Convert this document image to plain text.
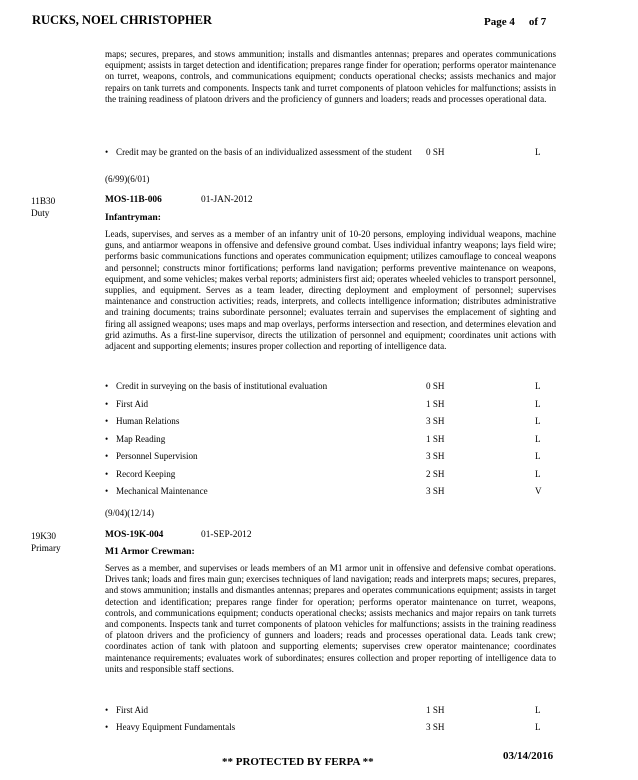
RUCKS, NOEL CHRISTOPHER	Page 4 of 7
maps; secures, prepares, and stows ammunition; installs and dismantles antennas; prepares and operates communications equipment; assists in target detection and identification; prepares range finder for operation; performs operator maintenance on turret, weapons, controls, and communications equipment; conducts operational checks; assists mechanics and major repairs on tank turrets and components. Inspects tank and turret components of platoon vehicles for malfunctions; assists in the training readiness of platoon drivers and the proficiency of gunners and loaders; reads and processes operational data.
• Credit may be granted on the basis of an individualized assessment of the student	0 SH	L
(6/99)(6/01)
11B30
Duty
MOS-11B-006	01-JAN-2012
Infantryman:
Leads, supervises, and serves as a member of an infantry unit of 10-20 persons, employing individual weapons, machine guns, and antiarmor weapons in offensive and defensive ground combat. Uses individual infantry weapons; lays field wire; performs basic communications functions and operates communication equipment; utilizes camouflage to conceal weapons and personnel; constructs minor fortifications; performs land navigation; performs preventive maintenance on weapons, equipment, and some vehicles; makes verbal reports; administers first aid; operates wheeled vehicles to transport personnel, supplies, and equipment. Serves as a team leader, directing deployment and employment of personnel; supervises maintenance and construction activities; reads, interprets, and collects intelligence information; distributes administrative and training documents; trains subordinate personnel; evaluates terrain and supervises the emplacement of sighting and firing all assigned weapons; uses maps and map overlays, performs intersection and resection, and determines elevation and grid azimuths. As a first-line supervisor, directs the utilization of personnel and equipment; coordinates unit actions with adjacent and supporting elements; insures proper collection and reporting of intelligence data.
• Credit in surveying on the basis of institutional evaluation	0 SH	L
• First Aid	1 SH	L
• Human Relations	3 SH	L
• Map Reading	1 SH	L
• Personnel Supervision	3 SH	L
• Record Keeping	2 SH	L
• Mechanical Maintenance	3 SH	V
(9/04)(12/14)
19K30
Primary
MOS-19K-004	01-SEP-2012
M1 Armor Crewman:
Serves as a member, and supervises or leads members of an M1 armor unit in offensive and defensive combat operations. Drives tank; loads and fires main gun; exercises techniques of land navigation; reads and interprets maps; secures, prepares, and stows ammunition; installs and dismantles antennas; prepares and operates communications equipment; assists in target detection and identification; prepares range finder for operation; performs operator maintenance on turret, weapons, controls, and communications equipment; conducts operational checks; assists mechanics and major repairs on tank turrets and components. Inspects tank and turret components of platoon vehicles for malfunctions; assists in the training readiness of platoon drivers and the proficiency of gunners and loaders; reads and processes operational data. Leads tank crew; coordinates action of tank with platoon and supporting elements; supervises crew operator maintenance; coordinates maintenance requirements; evaluates work of subordinates; ensures collection and proper reporting of intelligence data to units and responsible staff sections.
• First Aid	1 SH	L
• Heavy Equipment Fundamentals	3 SH	L
** PROTECTED BY FERPA **	03/14/2016
